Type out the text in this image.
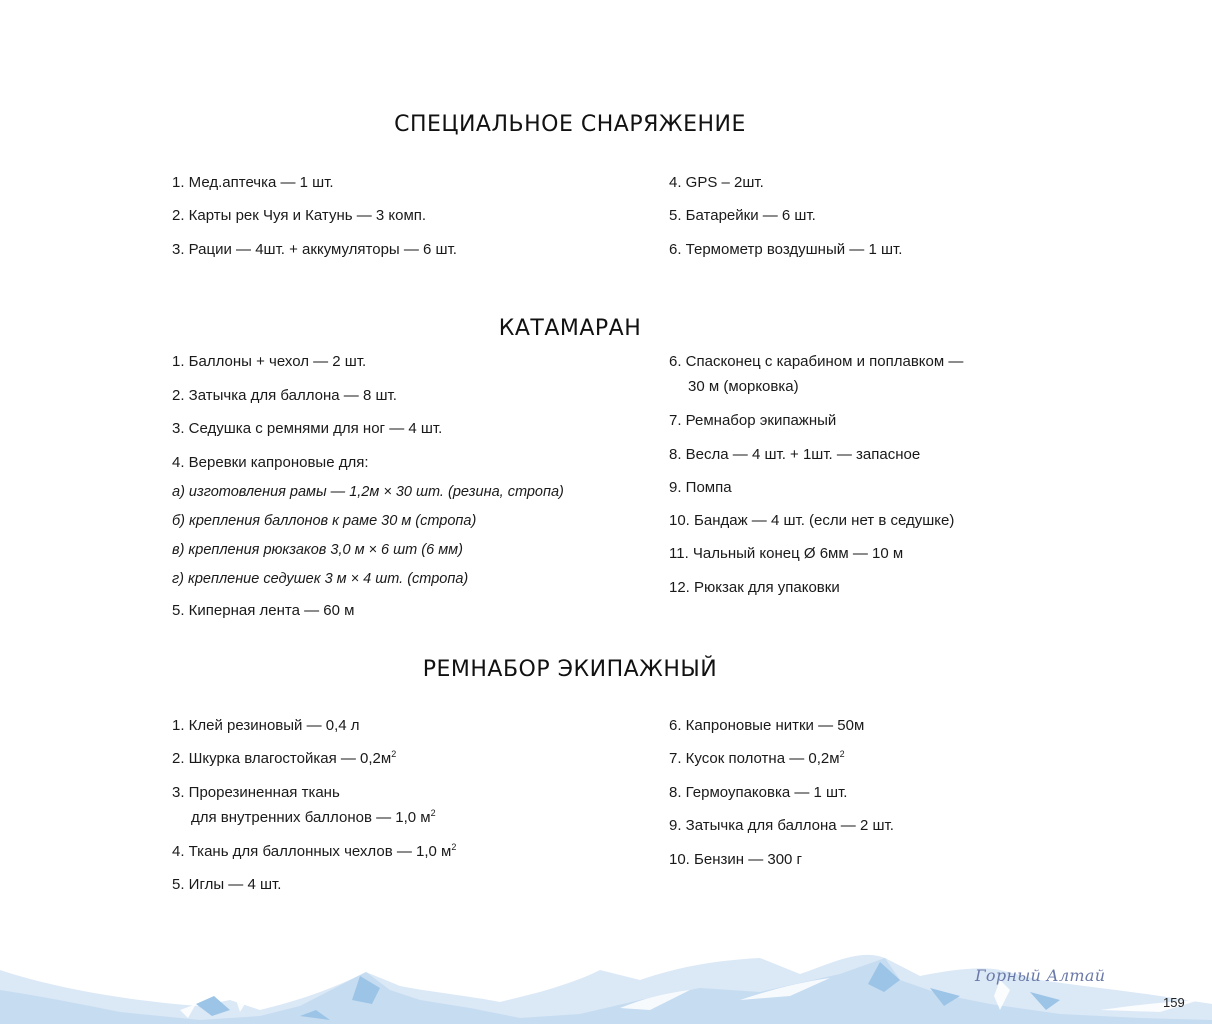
СПЕЦИАЛЬНОЕ СНАРЯЖЕНИЕ
1. Мед.аптечка — 1 шт.
2. Карты рек Чуя и Катунь — 3 комп.
3. Рации — 4шт. + аккумуляторы — 6 шт.
4. GPS – 2шт.
5. Батарейки — 6 шт.
6. Термометр воздушный — 1 шт.
КАТАМАРАН
1. Баллоны + чехол — 2 шт.
2. Затычка для баллона — 8 шт.
3. Седушка с ремнями для ног — 4 шт.
4. Веревки капроновые для:
а) изготовления рамы — 1,2м × 30 шт. (резина, стропа)
б) крепления баллонов к раме 30 м (стропа)
в) крепления рюкзаков 3,0 м × 6 шт (6 мм)
г) крепление седушек 3 м × 4 шт. (стропа)
5. Киперная лента — 60 м
6. Спасконец с карабином и поплавком —
30 м (морковка)
7. Ремнабор экипажный
8. Весла — 4 шт. + 1шт. — запасное
9. Помпа
10. Бандаж — 4 шт. (если нет в седушке)
11. Чальный конец Ø 6мм — 10 м
12. Рюкзак для упаковки
РЕМНАБОР ЭКИПАЖНЫЙ
1. Клей резиновый — 0,4 л
2. Шкурка влагостойкая — $0,2м^2$
3. Прорезиненная ткань
для внутренних баллонов — 1,0 $м^2$
4. Ткань для баллонных чехлов — 1,0 $м^2$
5. Иглы — 4 шт.
6. Капроновые нитки — 50м
7. Кусок полотна — $0,2м^2$
8. Гермоупаковка — 1 шт.
9. Затычка для баллона — 2 шт.
10. Бензин — 300 г
Горный Алтай
159
